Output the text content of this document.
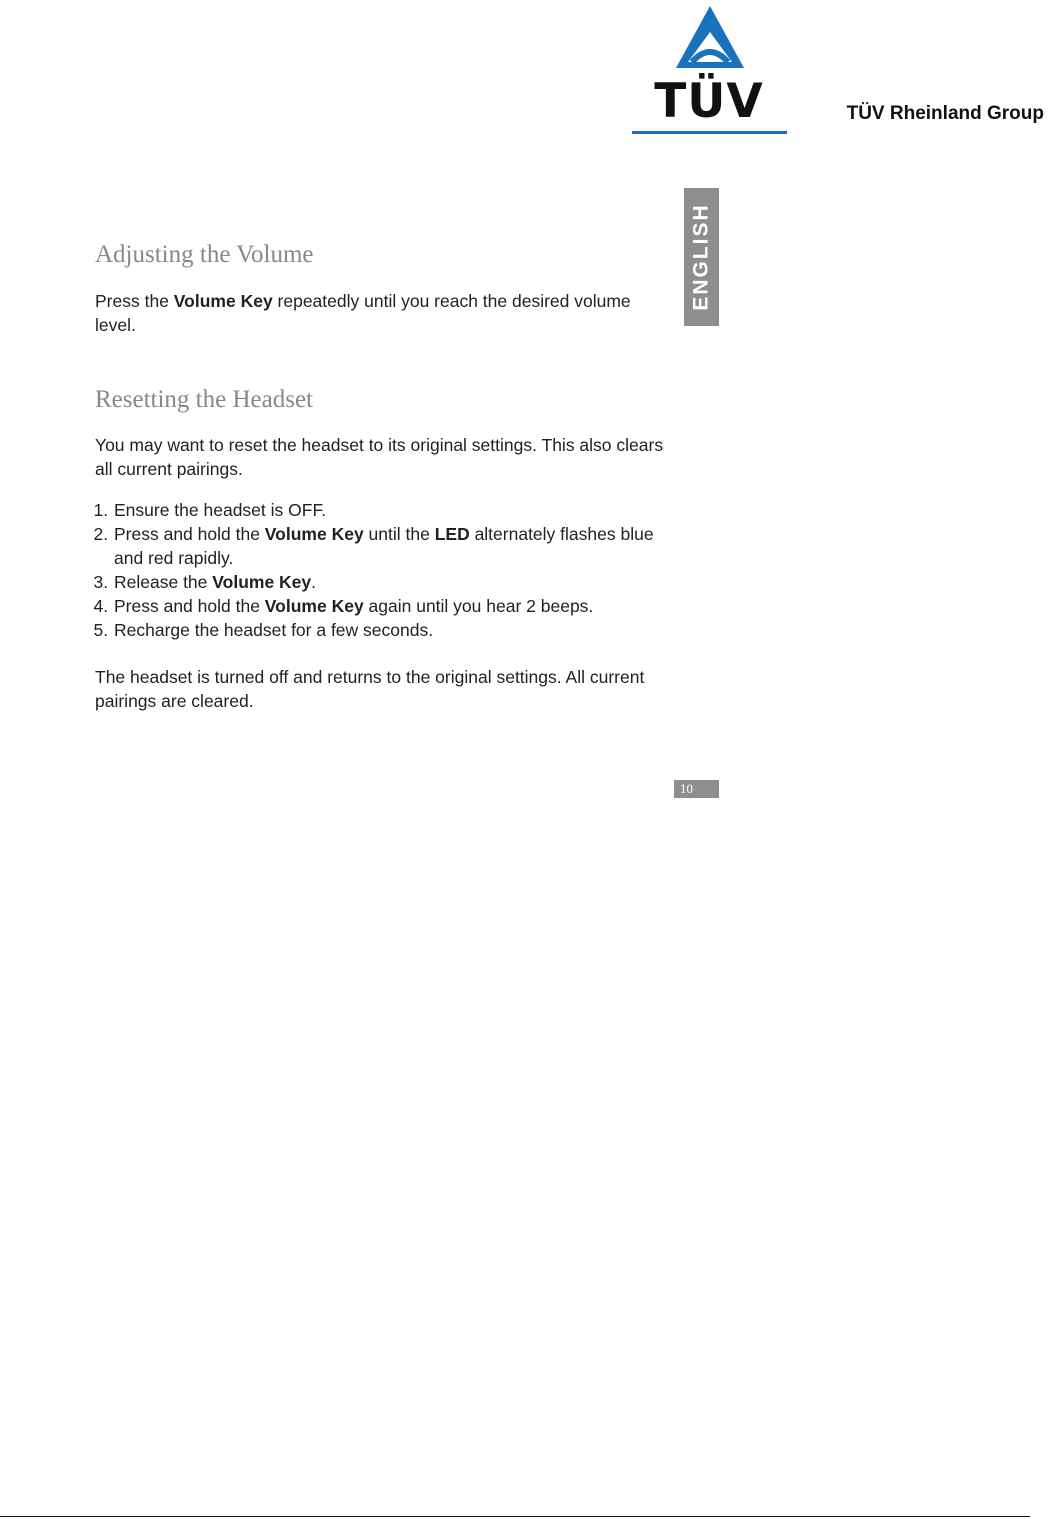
TÜV	TÜV Rheinland Group
ENGLISH
Adjusting the Volume

Press the Volume Key repeatedly until you reach the desired volume level.

Resetting the Headset

You may want to reset the headset to its original settings. This also clears all current pairings.

1. Ensure the headset is OFF.
2. Press and hold the Volume Key until the LED alternately flashes blue and red rapidly.
3. Release the Volume Key.
4. Press and hold the Volume Key again until you hear 2 beeps.
5. Recharge the headset for a few seconds.

The headset is turned off and returns to the original settings. All current pairings are cleared.

10
